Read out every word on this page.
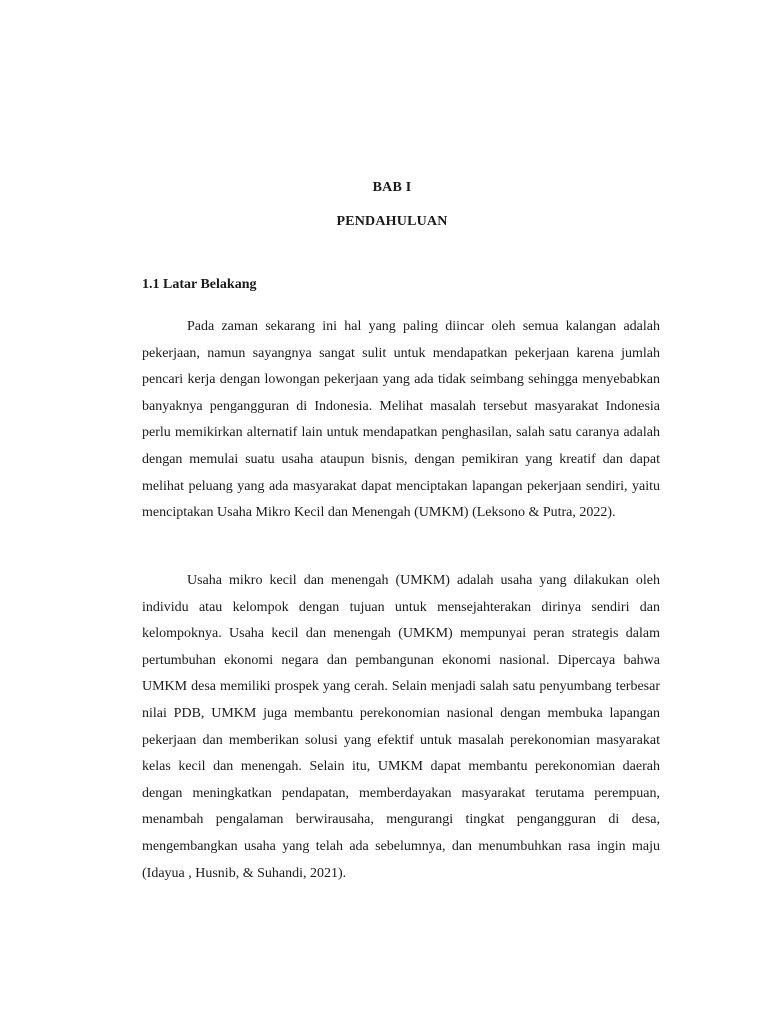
BAB I
PENDAHULUAN
1.1 Latar Belakang

Pada zaman sekarang ini hal yang paling diincar oleh semua kalangan adalah pekerjaan, namun sayangnya sangat sulit untuk mendapatkan pekerjaan karena jumlah pencari kerja dengan lowongan pekerjaan yang ada tidak seimbang sehingga menyebabkan banyaknya pengangguran di Indonesia. Melihat masalah tersebut masyarakat Indonesia perlu memikirkan alternatif lain untuk mendapatkan penghasilan, salah satu caranya adalah dengan memulai suatu usaha ataupun bisnis, dengan pemikiran yang kreatif dan dapat melihat peluang yang ada masyarakat dapat menciptakan lapangan pekerjaan sendiri, yaitu menciptakan Usaha Mikro Kecil dan Menengah (UMKM) (Leksono & Putra, 2022).

Usaha mikro kecil dan menengah (UMKM) adalah usaha yang dilakukan oleh individu atau kelompok dengan tujuan untuk mensejahterakan dirinya sendiri dan kelompoknya. Usaha kecil dan menengah (UMKM) mempunyai peran strategis dalam pertumbuhan ekonomi negara dan pembangunan ekonomi nasional. Dipercaya bahwa UMKM desa memiliki prospek yang cerah. Selain menjadi salah satu penyumbang terbesar nilai PDB, UMKM juga membantu perekonomian nasional dengan membuka lapangan pekerjaan dan memberikan solusi yang efektif untuk masalah perekonomian masyarakat kelas kecil dan menengah. Selain itu, UMKM dapat membantu perekonomian daerah dengan meningkatkan pendapatan, memberdayakan masyarakat terutama perempuan, menambah pengalaman berwirausaha, mengurangi tingkat pengangguran di desa, mengembangkan usaha yang telah ada sebelumnya, dan menumbuhkan rasa ingin maju (Idayua , Husnib, & Suhandi, 2021).
